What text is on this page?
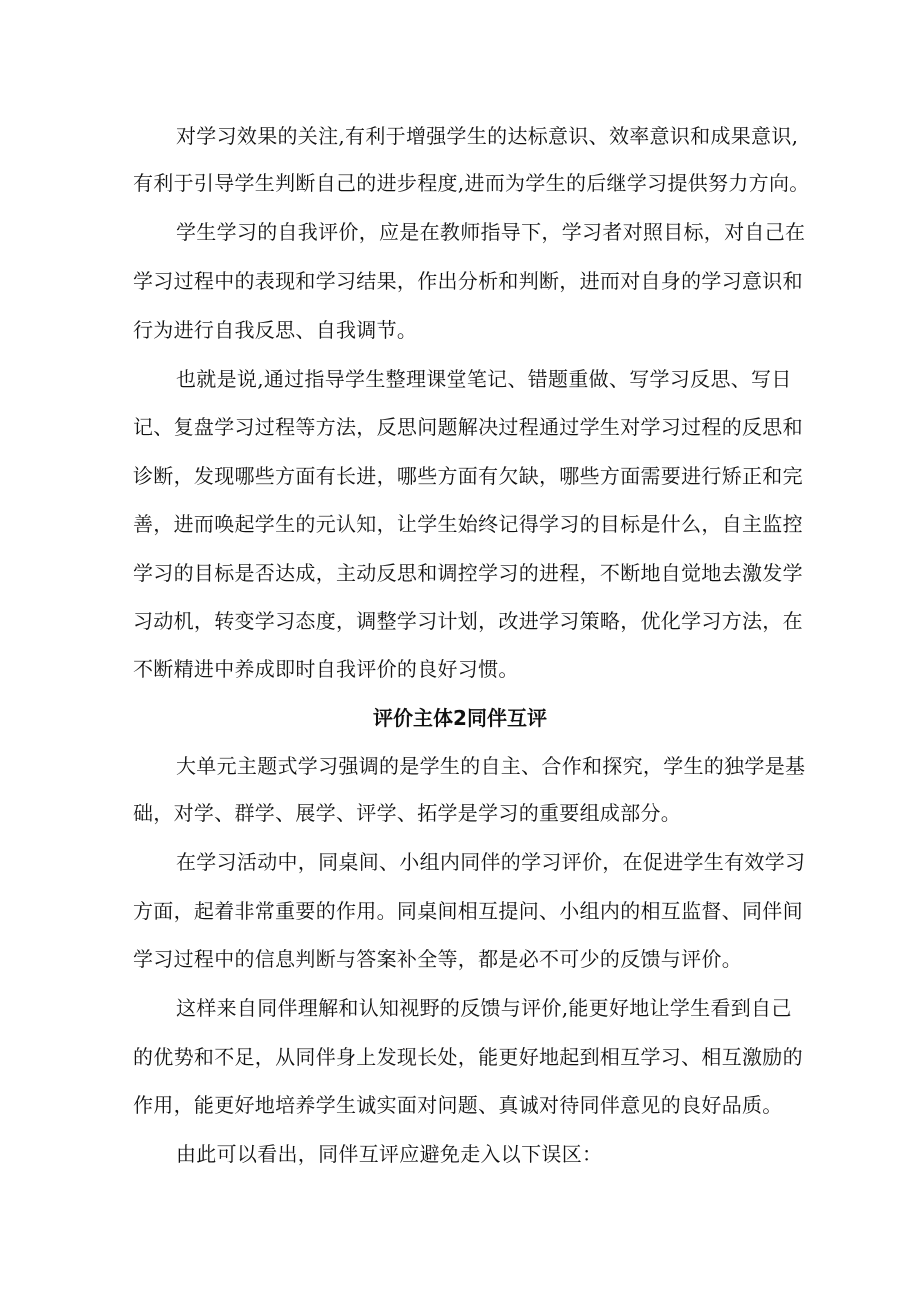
对学习效果的关注,有利于增强学生的达标意识、效率意识和成果意识,
有利于引导学生判断自己的进步程度,进而为学生的后继学习提供努力方向。
学生学习的自我评价，应是在教师指导下，学习者对照目标，对自己在
学习过程中的表现和学习结果，作出分析和判断，进而对自身的学习意识和
行为进行自我反思、自我调节。
也就是说,通过指导学生整理课堂笔记、错题重做、写学习反思、写日
记、复盘学习过程等方法，反思问题解决过程通过学生对学习过程的反思和
诊断，发现哪些方面有长进，哪些方面有欠缺，哪些方面需要进行矫正和完
善，进而唤起学生的元认知，让学生始终记得学习的目标是什么，自主监控
学习的目标是否达成，主动反思和调控学习的进程，不断地自觉地去激发学
习动机，转变学习态度，调整学习计划，改进学习策略，优化学习方法，在
不断精进中养成即时自我评价的良好习惯。
评价主体2同伴互评
大单元主题式学习强调的是学生的自主、合作和探究，学生的独学是基
础，对学、群学、展学、评学、拓学是学习的重要组成部分。
在学习活动中，同桌间、小组内同伴的学习评价，在促进学生有效学习
方面，起着非常重要的作用。同桌间相互提问、小组内的相互监督、同伴间
学习过程中的信息判断与答案补全等，都是必不可少的反馈与评价。
这样来自同伴理解和认知视野的反馈与评价,能更好地让学生看到自己
的优势和不足，从同伴身上发现长处，能更好地起到相互学习、相互激励的
作用，能更好地培养学生诚实面对问题、真诚对待同伴意见的良好品质。
由此可以看出，同伴互评应避免走入以下误区：
